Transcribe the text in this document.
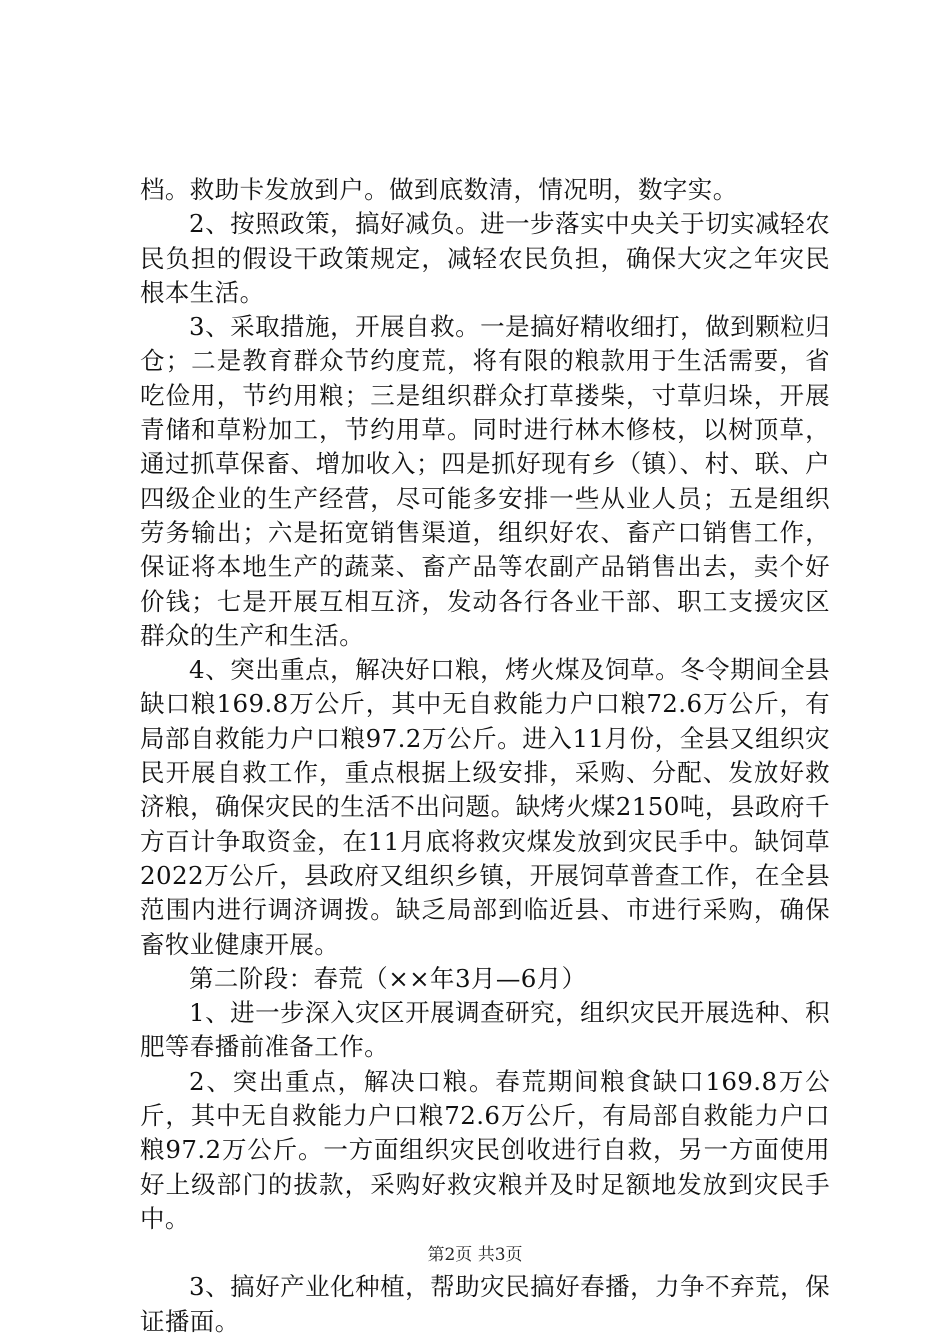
档。救助卡发放到户。做到底数清，情况明，数字实。

2、按照政策，搞好减负。进一步落实中央关于切实减轻农民负担的假设干政策规定，减轻农民负担，确保大灾之年灾民根本生活。

3、采取措施，开展自救。一是搞好精收细打，做到颗粒归仓；二是教育群众节约度荒，将有限的粮款用于生活需要，省吃俭用，节约用粮；三是组织群众打草搂柴，寸草归垛，开展青储和草粉加工，节约用草。同时进行林木修枝，以树顶草，通过抓草保畜、增加收入；四是抓好现有乡（镇）、村、联、户四级企业的生产经营，尽可能多安排一些从业人员；五是组织劳务输出；六是拓宽销售渠道，组织好农、畜产口销售工作，保证将本地生产的蔬菜、畜产品等农副产品销售出去，卖个好价钱；七是开展互相互济，发动各行各业干部、职工支援灾区群众的生产和生活。

4、突出重点，解决好口粮，烤火煤及饲草。冬令期间全县缺口粮169.8万公斤，其中无自救能力户口粮72.6万公斤，有局部自救能力户口粮97.2万公斤。进入11月份，全县又组织灾民开展自救工作，重点根据上级安排，采购、分配、发放好救济粮，确保灾民的生活不出问题。缺烤火煤2150吨，县政府千方百计争取资金，在11月底将救灾煤发放到灾民手中。缺饲草2022万公斤，县政府又组织乡镇，开展饲草普查工作，在全县范围内进行调济调拨。缺乏局部到临近县、市进行采购，确保畜牧业健康开展。

第二阶段：春荒（××年3月—6月）

1、进一步深入灾区开展调查研究，组织灾民开展选种、积肥等春播前准备工作。

2、突出重点，解决口粮。春荒期间粮食缺口169.8万公斤，其中无自救能力户口粮72.6万公斤，有局部自救能力户口粮97.2万公斤。一方面组织灾民创收进行自救，另一方面使用好上级部门的拔款，采购好救灾粮并及时足额地发放到灾民手中。

3、搞好产业化种植，帮助灾民搞好春播，力争不弃荒，保证播面。

第2页 共3页
